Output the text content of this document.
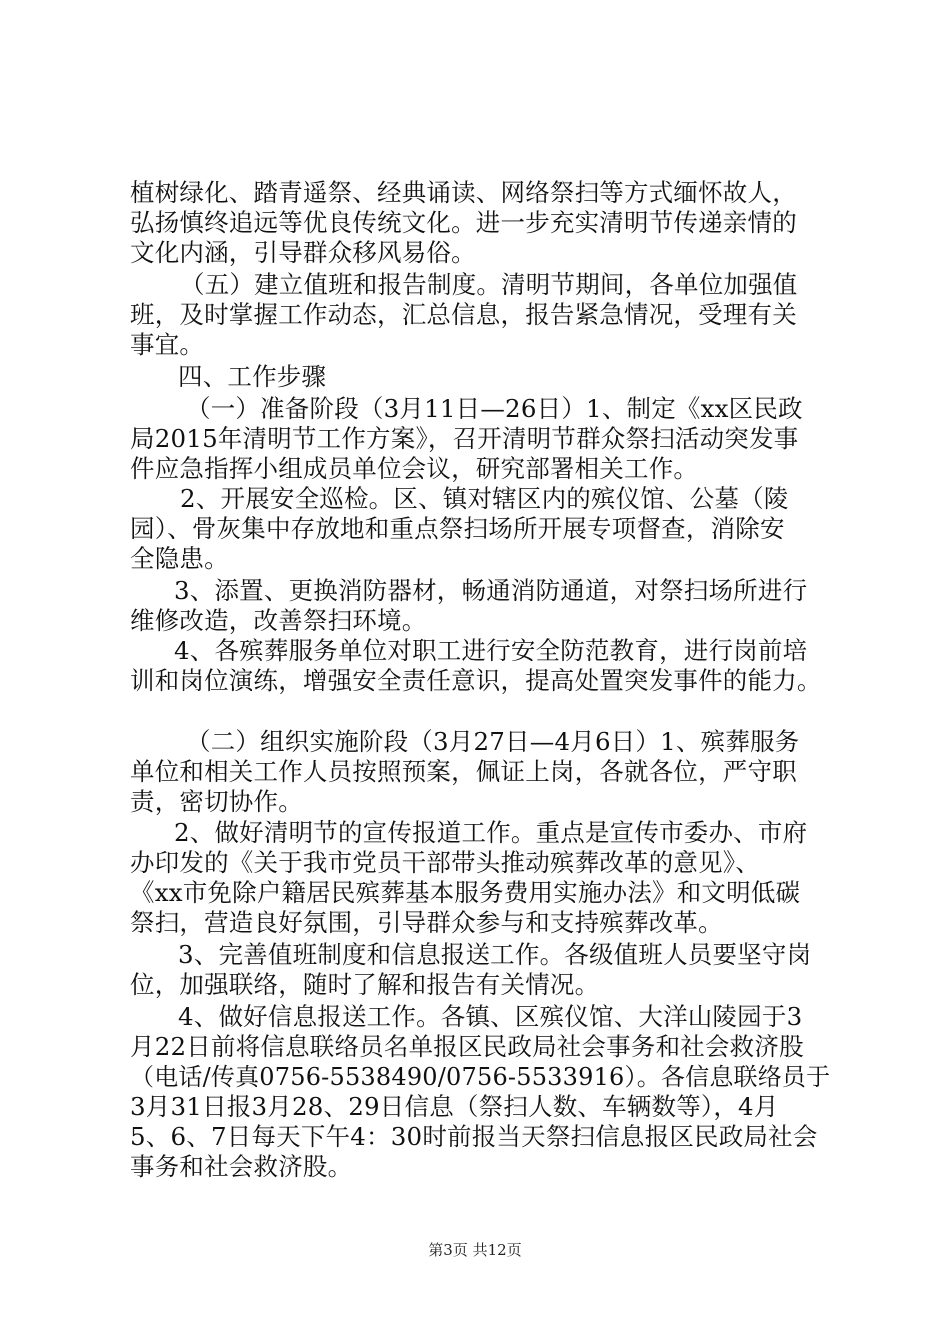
植树绿化、踏青遥祭、经典诵读、网络祭扫等方式缅怀故人，
弘扬慎终追远等优良传统文化。进一步充实清明节传递亲情的
文化内涵，引导群众移风易俗。
（五）建立值班和报告制度。清明节期间，各单位加强值
班，及时掌握工作动态，汇总信息，报告紧急情况，受理有关
事宜。
四、工作步骤
（一）准备阶段（3月11日—26日）1、制定《xx区民政
局2015年清明节工作方案》，召开清明节群众祭扫活动突发事
件应急指挥小组成员单位会议，研究部署相关工作。
2、开展安全巡检。区、镇对辖区内的殡仪馆、公墓（陵
园）、骨灰集中存放地和重点祭扫场所开展专项督查，消除安
全隐患。
3、添置、更换消防器材，畅通消防通道，对祭扫场所进行
维修改造，改善祭扫环境。
4、各殡葬服务单位对职工进行安全防范教育，进行岗前培
训和岗位演练，增强安全责任意识，提高处置突发事件的能力。
（二）组织实施阶段（3月27日—4月6日）1、殡葬服务
单位和相关工作人员按照预案，佩证上岗，各就各位，严守职
责，密切协作。
2、做好清明节的宣传报道工作。重点是宣传市委办、市府
办印发的《关于我市党员干部带头推动殡葬改革的意见》、
《xx市免除户籍居民殡葬基本服务费用实施办法》和文明低碳
祭扫，营造良好氛围，引导群众参与和支持殡葬改革。
3、完善值班制度和信息报送工作。各级值班人员要坚守岗
位，加强联络，随时了解和报告有关情况。
4、做好信息报送工作。各镇、区殡仪馆、大洋山陵园于3
月22日前将信息联络员名单报区民政局社会事务和社会救济股
（电话/传真0756-5538490/0756-5533916）。各信息联络员于
3月31日报3月28、29日信息（祭扫人数、车辆数等），4月
5、6、7日每天下午4：30时前报当天祭扫信息报区民政局社会
事务和社会救济股。
第3页 共12页
